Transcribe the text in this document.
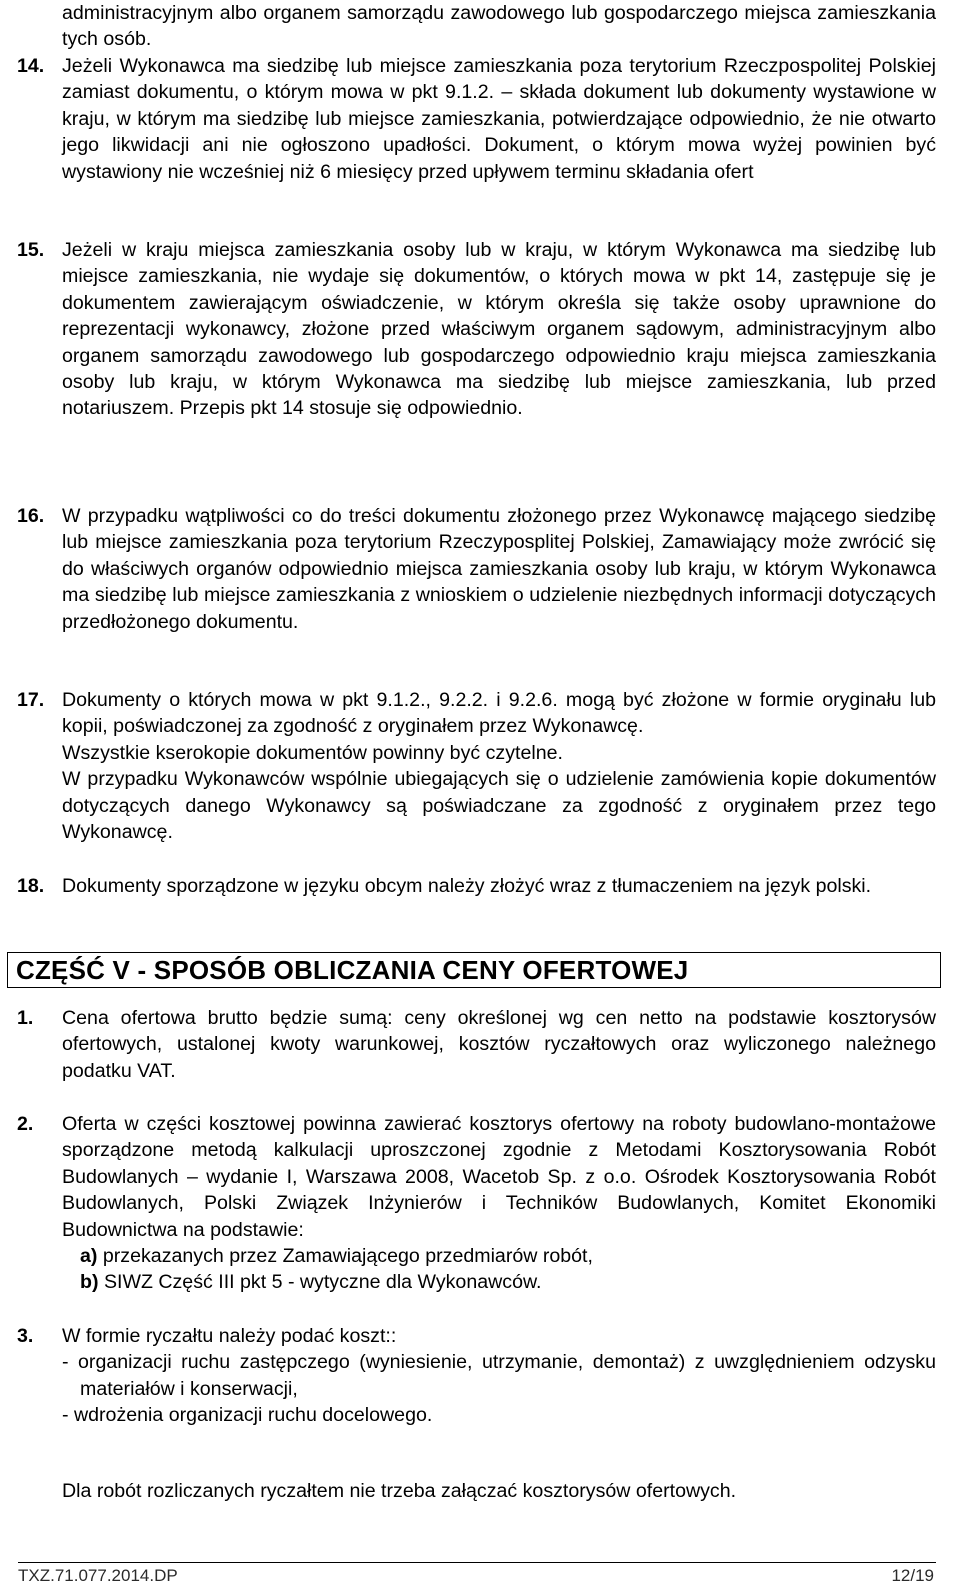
administracyjnym albo organem samorządu zawodowego lub gospodarczego miejsca zamieszkania tych osób.

14. Jeżeli Wykonawca ma siedzibę lub miejsce zamieszkania poza terytorium Rzeczpospolitej Polskiej zamiast dokumentu, o którym mowa w pkt 9.1.2. – składa dokument lub dokumenty wystawione w kraju, w którym ma siedzibę lub miejsce zamieszkania, potwierdzające odpowiednio, że nie otwarto jego likwidacji ani nie ogłoszono upadłości. Dokument, o którym mowa wyżej powinien być wystawiony nie wcześniej niż 6 miesięcy przed upływem terminu składania ofert

15. Jeżeli w kraju miejsca zamieszkania osoby lub w kraju, w którym Wykonawca ma siedzibę lub miejsce zamieszkania, nie wydaje się dokumentów, o których mowa w pkt 14, zastępuje się je dokumentem zawierającym oświadczenie, w którym określa się także osoby uprawnione do reprezentacji wykonawcy, złożone przed właściwym organem sądowym, administracyjnym albo organem samorządu zawodowego lub gospodarczego odpowiednio kraju miejsca zamieszkania osoby lub kraju, w którym Wykonawca ma siedzibę lub miejsce zamieszkania, lub przed notariuszem. Przepis pkt 14 stosuje się odpowiednio.

16. W przypadku wątpliwości co do treści dokumentu złożonego przez Wykonawcę mającego siedzibę lub miejsce zamieszkania poza terytorium Rzeczyposplitej Polskiej, Zamawiający może zwrócić się do właściwych organów odpowiednio miejsca zamieszkania osoby lub kraju, w którym Wykonawca ma siedzibę lub miejsce zamieszkania z wnioskiem o udzielenie niezbędnych informacji dotyczących przedłożonego dokumentu.

17. Dokumenty o których mowa w pkt 9.1.2., 9.2.2. i 9.2.6. mogą być złożone w formie oryginału lub kopii, poświadczonej za zgodność z oryginałem przez Wykonawcę.

Wszystkie kserokopie dokumentów powinny być czytelne.

W przypadku Wykonawców wspólnie ubiegających się o udzielenie zamówienia kopie dokumentów dotyczących danego Wykonawcy są poświadczane za zgodność z oryginałem przez tego Wykonawcę.

18. Dokumenty sporządzone w języku obcym należy złożyć wraz z tłumaczeniem na język polski.

CZĘŚĆ V - SPOSÓB OBLICZANIA CENY OFERTOWEJ
1. Cena ofertowa brutto będzie sumą: ceny określonej wg cen netto na podstawie kosztorysów ofertowych, ustalonej kwoty warunkowej, kosztów ryczałtowych oraz wyliczonego należnego podatku VAT.

2. Oferta w części kosztowej powinna zawierać kosztorys ofertowy na roboty budowlano-montażowe sporządzone metodą kalkulacji uproszczonej zgodnie z Metodami Kosztorysowania Robót Budowlanych – wydanie I, Warszawa 2008, Wacetob Sp. z o.o. Ośrodek Kosztorysowania Robót Budowlanych, Polski Związek Inżynierów i Techników Budowlanych, Komitet Ekonomiki Budownictwa na podstawie:

a) przekazanych przez Zamawiającego przedmiarów robót,

b) SIWZ Część III pkt 5 - wytyczne dla Wykonawców.

3. W formie ryczałtu należy podać koszt::

- organizacji ruchu zastępczego (wyniesienie, utrzymanie, demontaż) z uwzględnieniem odzysku materiałów i konserwacji,
- wdrożenia organizacji ruchu docelowego.

Dla robót rozliczanych ryczałtem nie trzeba załączać kosztorysów ofertowych.

TXZ.71.077.2014.DP	12/19
